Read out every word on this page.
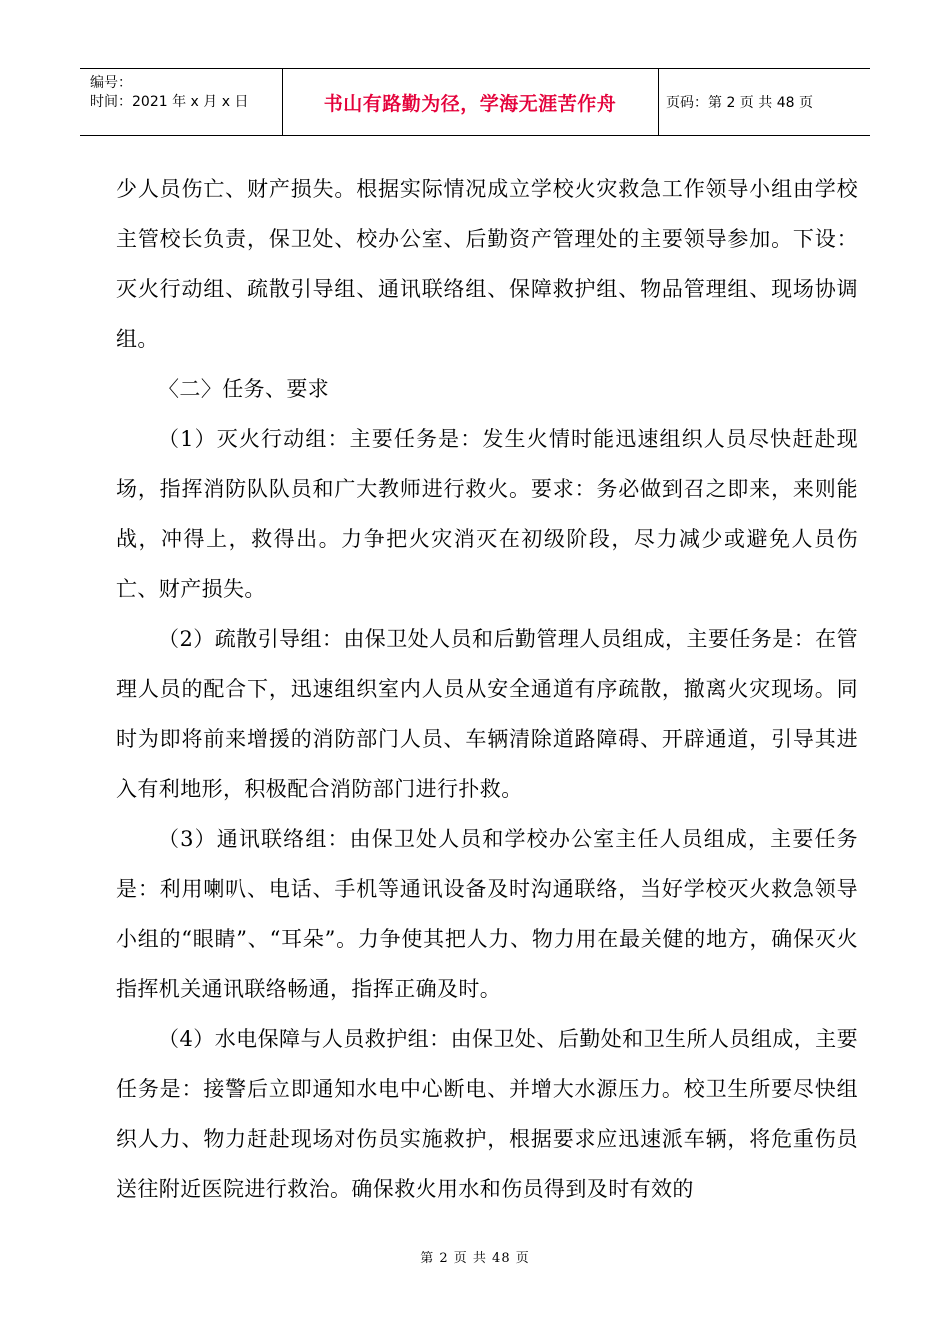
编号：
时间：2021 年 x 月 x 日	书山有路勤为径，学海无涯苦作舟	页码：第 2 页 共 48 页

少人员伤亡、财产损失。根据实际情况成立学校火灾救急工作领导小组由学校主管校长负责，保卫处、校办公室、后勤资产管理处的主要领导参加。下设：灭火行动组、疏散引导组、通讯联络组、保障救护组、物品管理组、现场协调组。

〈二〉任务、要求

（1）灭火行动组：主要任务是：发生火情时能迅速组织人员尽快赶赴现场，指挥消防队队员和广大教师进行救火。要求：务必做到召之即来，来则能战，冲得上，救得出。力争把火灾消灭在初级阶段，尽力减少或避免人员伤亡、财产损失。

（2）疏散引导组：由保卫处人员和后勤管理人员组成，主要任务是：在管理人员的配合下，迅速组织室内人员从安全通道有序疏散，撤离火灾现场。同时为即将前来增援的消防部门人员、车辆清除道路障碍、开辟通道，引导其进入有利地形，积极配合消防部门进行扑救。

（3）通讯联络组：由保卫处人员和学校办公室主任人员组成，主要任务是：利用喇叭、电话、手机等通讯设备及时沟通联络，当好学校灭火救急领导小组的“眼睛”、“耳朵”。力争使其把人力、物力用在最关健的地方，确保灭火指挥机关通讯联络畅通，指挥正确及时。

（4）水电保障与人员救护组：由保卫处、后勤处和卫生所人员组成，主要任务是：接警后立即通知水电中心断电、并增大水源压力。校卫生所要尽快组织人力、物力赶赴现场对伤员实施救护，根据要求应迅速派车辆，将危重伤员送往附近医院进行救治。确保救火用水和伤员得到及时有效的

第 2 页 共 48 页
